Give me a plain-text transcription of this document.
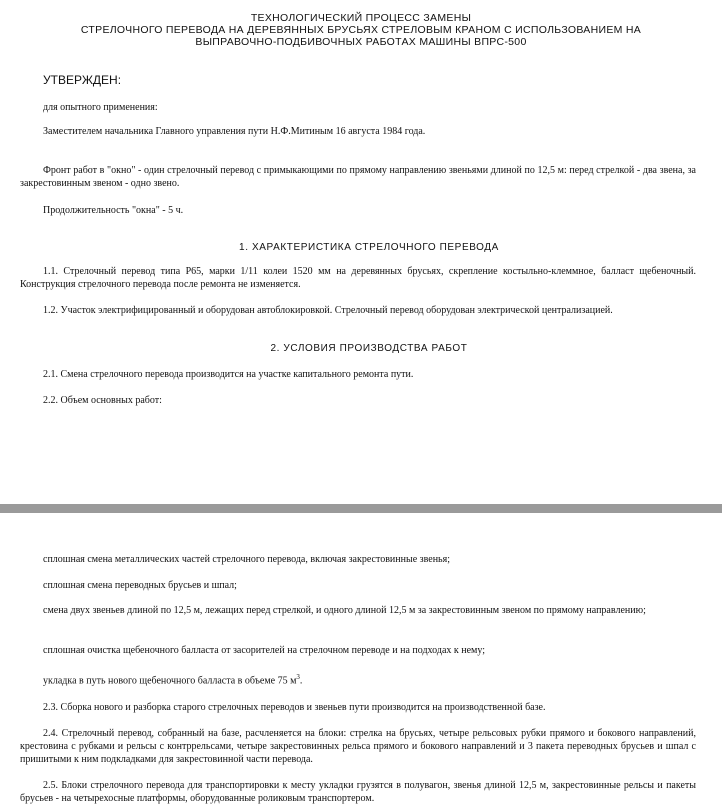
ТЕХНОЛОГИЧЕСКИЙ ПРОЦЕСС ЗАМЕНЫ

СТРЕЛОЧНОГО ПЕРЕВОДА НА ДЕРЕВЯННЫХ БРУСЬЯХ СТРЕЛОВЫМ КРАНОМ С ИСПОЛЬЗОВАНИЕМ НА

ВЫПРАВОЧНО-ПОДБИВОЧНЫХ РАБОТАХ МАШИНЫ ВПРС-500

УТВЕРЖДЕН:

для опытного применения:

Заместителем начальника Главного управления пути Н.Ф.Митиным 16 августа 1984 года.

Фронт работ в "окно" - один стрелочный перевод с примыкающими по прямому направлению звеньями длиной по 12,5 м: перед стрелкой - два звена, за закрестовинным звеном - одно звено.

Продолжительность "окна" - 5 ч.

1. ХАРАКТЕРИСТИКА СТРЕЛОЧНОГО ПЕРЕВОДА

1.1. Стрелочный перевод типа Р65, марки 1/11 колеи 1520 мм на деревянных брусьях, скрепление костыльно-клеммное, балласт щебеночный. Конструкция стрелочного перевода после ремонта не изменяется.

1.2. Участок электрифицированный и оборудован автоблокировкой. Стрелочный перевод оборудован электрической централизацией.

2. УСЛОВИЯ ПРОИЗВОДСТВА РАБОТ

2.1. Смена стрелочного перевода производится на участке капитального ремонта пути.

2.2. Объем основных работ:

сплошная смена металлических частей стрелочного перевода, включая закрестовинные звенья;

сплошная смена переводных брусьев и шпал;

смена двух звеньев длиной по 12,5 м, лежащих перед стрелкой, и одного длиной 12,5 м за закрестовинным звеном по прямому направлению;

сплошная очистка щебеночного балласта от засорителей на стрелочном переводе и на подходах к нему;

укладка в путь нового щебеночного балласта в объеме 75 $м^3$.

2.3. Сборка нового и разборка старого стрелочных переводов и звеньев пути производится на производственной базе.

2.4. Стрелочный перевод, собранный на базе, расчленяется на блоки: стрелка на брусьях, четыре рельсовых рубки прямого и бокового направлений, крестовина с рубками и рельсы с контррельсами, четыре закрестовинных рельса прямого и бокового направлений и 3 пакета переводных брусьев и шпал с пришитыми к ним подкладками для закрестовинной части перевода.

2.5. Блоки стрелочного перевода для транспортировки к месту укладки грузятся в полувагон, звенья длиной 12,5 м, закрестовинные рельсы и пакеты брусьев - на четырехосные платформы, оборудованные роликовым транспортером.
